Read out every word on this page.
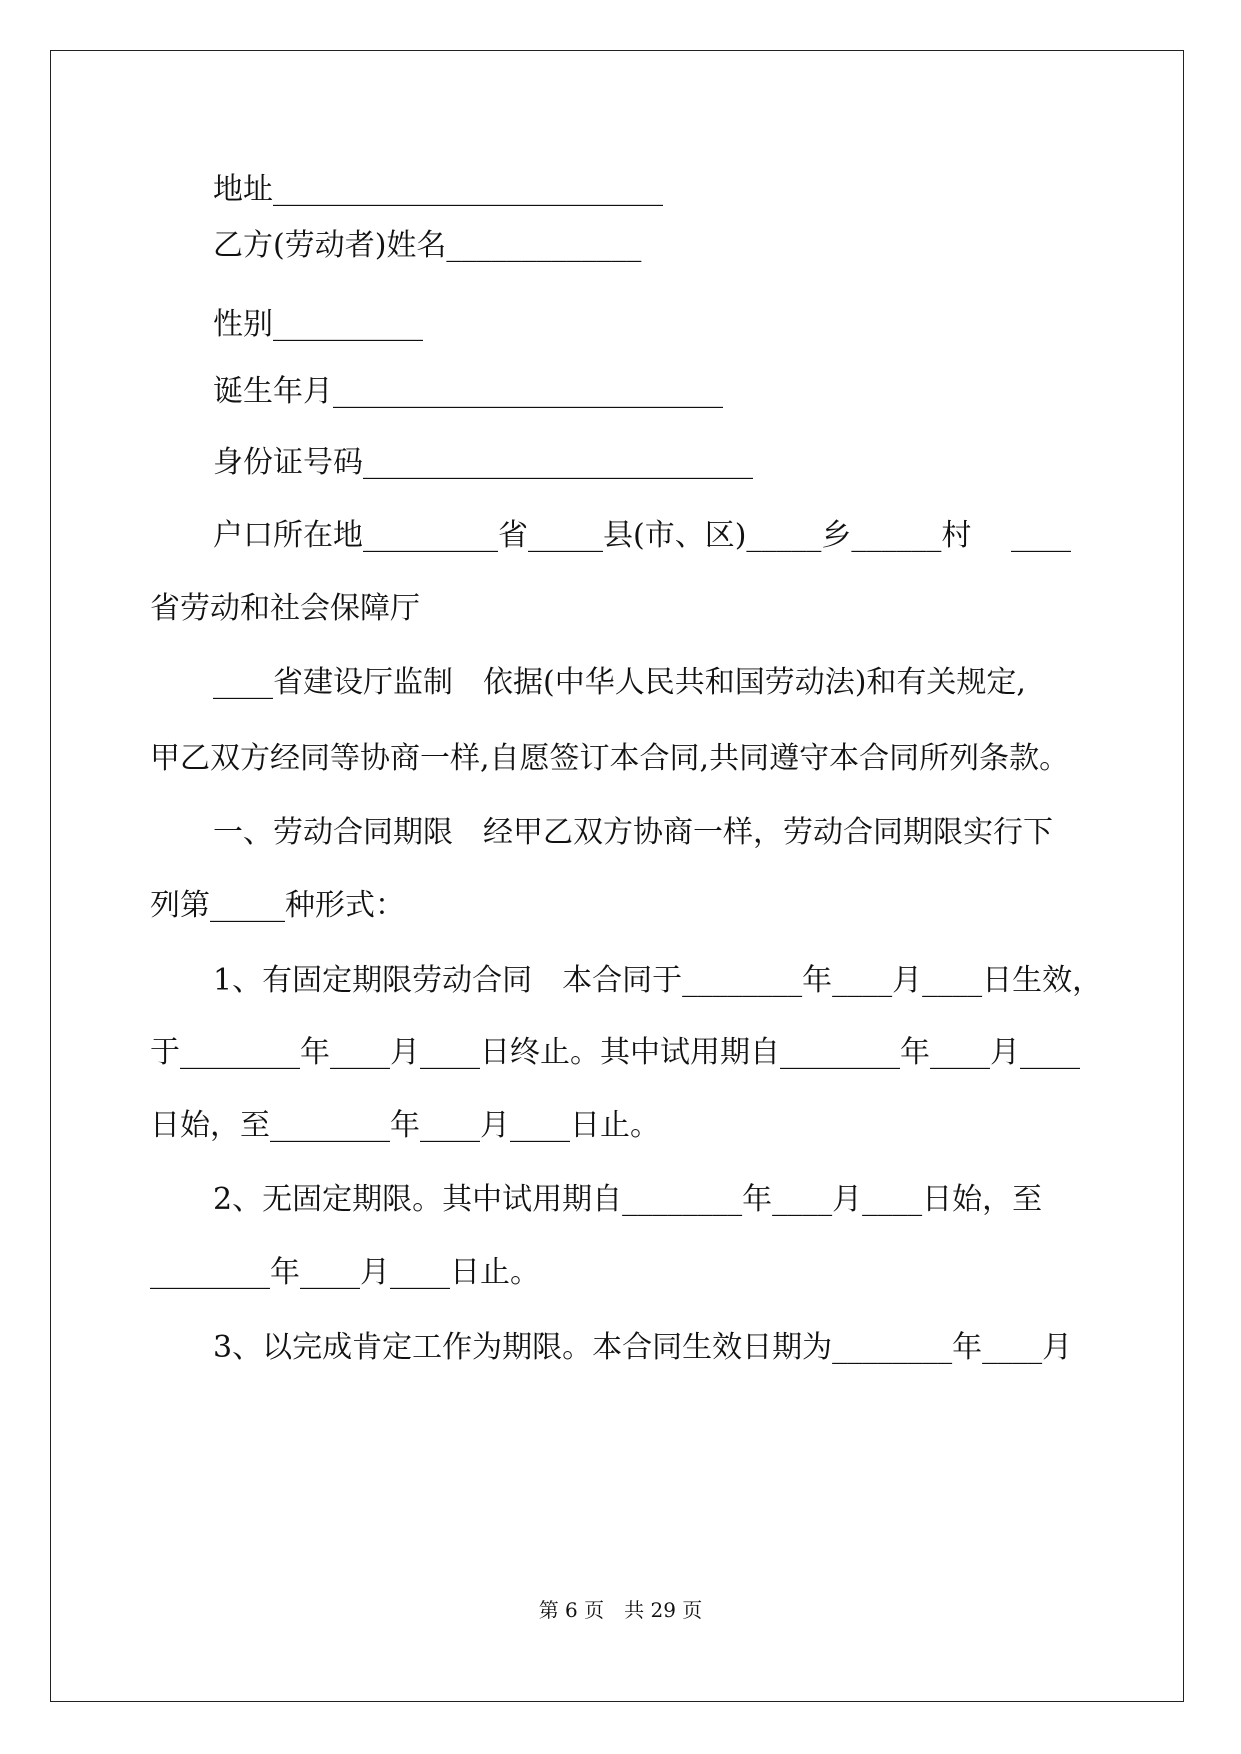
地址__________________________
乙方(劳动者)姓名_____________
性别__________
诞生年月__________________________
身份证号码__________________________
户口所在地_________省_____县(市、区)_____乡______村　 ____
省劳动和社会保障厅
____省建设厅监制　依据(中华人民共和国劳动法)和有关规定,
甲乙双方经同等协商一样,自愿签订本合同,共同遵守本合同所列条款。
一、劳动合同期限　经甲乙双方协商一样，劳动合同期限实行下
列第_____种形式：
1、有固定期限劳动合同　本合同于________年____月____日生效，
于________年____月____日终止。其中试用期自________年____月____
日始，至________年____月____日止。
2、无固定期限。其中试用期自________年____月____日始，至
________年____月____日止。
3、以完成肯定工作为期限。本合同生效日期为________年____月
第 6 页　共 29 页
